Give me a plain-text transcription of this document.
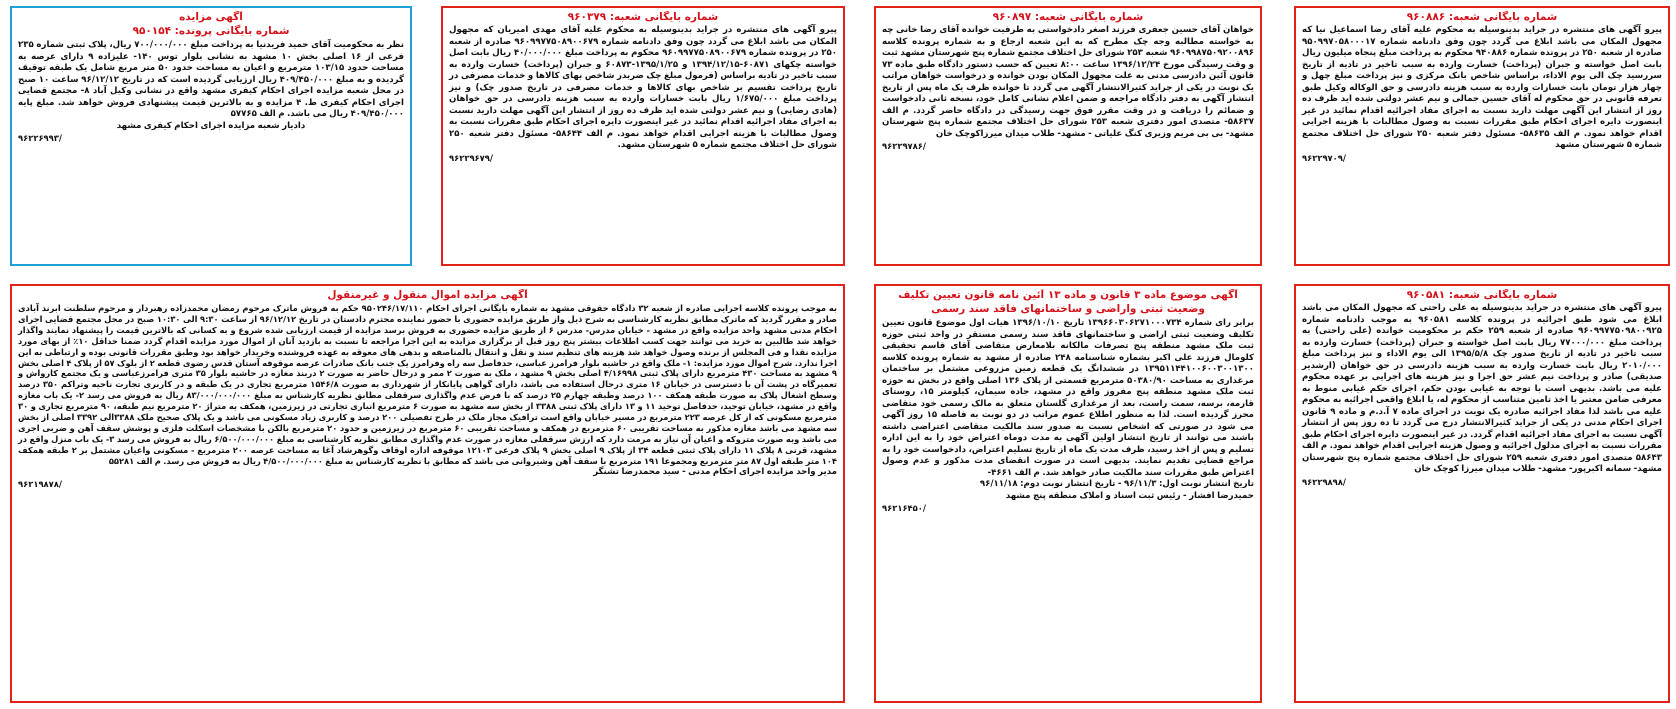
شماره بایگانی شعبه: ۹۶۰۸۸۶

پیرو آگهی های منتشره در جراید بدینوسیله به محکوم علیه آقای رضا اسماعیل نیا که مجهول المکان می باشد ابلاغ می گردد چون وفق دادنامه شماره ۹۵۰۹۹۷۰۵۸۰۰۰۱۷ صادره از شعبه ۲۵۰ در پرونده شماره ۹۴۰۸۸۶ محکوم به پرداخت مبلغ پنجاه میلیون ریال بابت اصل خواسته و جبران (پرداخت) خسارت وارده به سبب تاخیر در تادیه از تاریخ سررسید چک الی یوم الاداء، براساس شاخص بانک مرکزی و نیز پرداخت مبلغ چهل و چهار هزار تومان بابت خسارات وارده به سبب هزینه دادرسی و حق الوکاله وکیل طبق تعرفه قانونی در حق محکوم له آقای حسین جمالی و نیم عشر دولتی شده اید ظرف ده روز از انتشار این آگهی مهلت دارید نسبت به اجرای مفاد اجرائیه اقدام نمائید در غیر اینصورت دایره اجرای احکام طبق مقررات نسبت به وصول مطالبات با هزینه اجرایی اقدام خواهد نمود. م الف ۵۸۶۳۵- مسئول دفتر شعبه ۲۵۰ شورای حل اختلاف مجتمع شماره ۵ شهرستان مشهد

۹۶۲۲۹۷۰۹/
شماره بایگانی شعبه: ۹۶۰۸۹۷

خواهان آقای حسین جعفری فرزند اصغر دادخواستی به طرفیت خوانده آقای رضا خانی چه به خواسته مطالبه وجه چک مطرح که به این شعبه ارجاع و به شماره پرونده کلاسه ۹۶۰۹۹۸۷۵۰۹۲۰۰۸۹۶ شعبه ۲۵۳ شورای حل اختلاف مجتمع شماره پنج شهرستان مشهد ثبت و وقت رسیدگی مورخ ۱۳۹۶/۱۲/۲۴ ساعت ۸:۰۰ تعیین که حسب دستور دادگاه طبق ماده ۷۳ قانون آئین دادرسی مدنی به علت مجهول المکان بودن خوانده و درخواست خواهان مراتب یک نوبت در یکی از جراید کثیرالانتشار آگهی می گردد تا خوانده ظرف یک ماه پس از تاریخ انتشار آگهی به دفتر دادگاه مراجعه و ضمن اعلام نشانی کامل خود، نسخه ثانی دادخواست و ضمائم را دریافت و در وقت مقرر فوق جهت رسیدگی در دادگاه حاضر گردد. م الف ۵۸۶۳۷- متصدی امور دفتری شعبه ۲۵۳ شورای حل اختلاف مجتمع شماره پنج شهرستان مشهد- بی بی مریم وزیری کنگ علیاتی - مشهد- طلاب میدان میرزاکوچک خان

۹۶۲۲۹۷۸۶/
شماره بایگانی شعبه: ۹۶۰۳۷۹

پیرو آگهی های منتشره در جراید بدینوسیله به محکوم علیه آقای مهدی امیریان که مجهول المکان می باشد ابلاغ می گردد چون وفق دادنامه شماره ۹۶۰۹۹۷۷۵۰۸۹۰۰۶۷۹ صادره از شعبه ۲۵۰ در پرونده شماره ۹۶۰۹۹۷۷۵۰۸۹۰۰۶۷۹ محکوم به پرداخت مبلغ ۴۰/۰۰۰/۰۰۰ ریال بابت اصل خواسته چکهای ۶۰۸۷۱-۱۳۹۴/۱۲/۱۵ و ۱۳۹۵/۱/۲۵-۶۰۸۷۳ و جبران (پرداخت) خسارت وارده به سبب تاخیر در تادیه براساس (فرمول مبلغ چک ضربدر شاخص بهای کالاها و خدمات مصرفی در تاریخ پرداخت تقسیم بر شاخص بهای کالاها و خدمات مصرفی در تاریخ صدور چک) و نیز پرداخت مبلغ ۱/۶۷۵/۰۰۰ ریال بابت خسارات وارده به سبب هزینه دادرسی در حق خواهان (هادی رضایی) و نیم عشر دولتی شده اید ظرف ده روز از انتشار این آگهی مهلت دارید نسبت به اجرای مفاد اجرائیه اقدام نمائید در غیر اینصورت دایره اجرای احکام طبق مقررات نسبت به وصول مطالبات با هزینه اجرایی اقدام خواهد نمود. م الف ۵۸۶۴۴- مسئول دفتر شعبه ۲۵۰ شورای حل اختلاف مجتمع شماره ۵ شهرستان مشهد.

۹۶۲۲۹۶۷۹/
آگهی مزایده
شماره بایگانی پرونده: ۹۵۰۱۵۴

نظر به محکومیت آقای حمید فریدنیا به پرداخت مبلغ ۷۰۰/۰۰۰/۰۰۰ ریال، پلاک ثبتی شماره ۲۳۵ فرعی از ۱۶ اصلی بخش ۱۰ مشهد به نشانی بلوار توس ۱۴۰- علیزاده ۹ دارای عرصه به مساحت حدود ۱۰۳/۱۵ مترمربع و اعیان به مساحت حدود ۵۰ متر مربع شامل یک طبقه توقیف گردیده و به مبلغ ۴۰۹/۴۵۰/۰۰۰ ریال ارزیابی گردیده است که در تاریخ ۹۶/۱۲/۱۲ ساعت ۱۰ صبح در محل شعبه مزایده اجرای احکام کیفری مشهد واقع در نشانی وکیل آباد ۸- مجتمع قضایی اجرای احکام کیفری ط. ۴ مزایده و به بالاترین قیمت پیشنهادی فروش خواهد شد. مبلغ پایه ۴۰۹/۴۵۰/۰۰۰ ریال می باشد. م الف ۵۷۷۶۵

دادیار شعبه مزایده اجرای احکام کیفری مشهد

۹۶۲۲۶۹۹۳/
شماره بایگانی شعبه: ۹۶۰۵۸۱

پیرو آگهی های منتشره در جراید بدینوسیله به علی راحتی که مجهول المکان می باشد ابلاغ می شود طبق اجرائیه در پرونده کلاسه ۹۶۰۵۸۱ به موجب دادنامه شماره ۹۶۰۹۹۷۷۵۰۹۸۰۰۹۲۵ صادره از شعبه ۲۵۹ حکم بر محکومیت خوانده (علی راحتی) به پرداخت مبلغ ۷۷۰۰۰/۰۰۰ ریال بابت اصل خواسته و جبران (پرداخت) خسارت وارده به سبب تاخیر در تادیه از تاریخ صدور چک ۱۳۹۵/۵/۸ الی یوم الاداء و نیز پرداخت مبلغ ۲۰۱۰/۰۰۰ ریال بابت خسارت وارده به سبب هزینه دادرسی در حق خواهان (ارشدیر صدیقی) صادر و پرداخت نیم عشر حق اجرا و نیز هزینه های اجرایی بر عهده محکوم علیه می باشد. بدیهی است با توجه به غیابی بودن حکم، اجرای حکم غیابی منوط به معرفی ضامن معتبر یا اخذ تامین متناسب از محکوم له، یا ابلاغ واقعی اجرائیه به محکوم علیه می باشد لذا مفاد اجرائیه صادره یک نوبت در اجرای ماده ۷ آ.د.م و ماده ۹ قانون اجرای احکام مدنی در یکی از جراید کثیرالانتشار درج می گردد تا ده روز پس از انتشار آگهی نسبت به اجرای مفاد اجرائیه اقدام گردد. در غیر اینصورت دایره اجرای احکام طبق مقررات نسبت به اجرای مدلول اجرائیه و وصول هزینه اجرایی اقدام خواهد نمود. م الف ۵۸۶۴۳ متصدی امور دفتری شعبه ۲۵۹ شورای حل اختلاف مجتمع شماره پنج شهرستان مشهد- سمانه اکبرپور- مشهد- طلاب میدان میرزا کوچک خان

۹۶۲۲۹۸۹۸/
آگهی موضوع ماده ۳ قانون و ماده ۱۳ آئین نامه قانون تعیین تکلیف
وضعیت ثبتی واراضی و ساختمانهای فاقد سند رسمی

برابر رای شماره ۱۳۹۶۶۰۳۰۶۲۷۱۰۰۰۷۳۴ تاریخ ۱۳۹۶/۱۰/۱۰ هیات اول موضوع قانون تعیین تکلیف وضعیت ثبتی اراضی و ساختمانهای فاقد سند رسمی مستقر در واحد ثبتی حوزه ثبت ملک مشهد منطقه پنج تصرفات مالکانه بلامعارض متقاضی آقای قاسم تحقیقی کلومال فرزند علی اکبر بشماره شناسنامه ۲۴۸ صادره از مشهد به شماره پرونده کلاسه ۱۳۹۵۱۱۴۴۱۰۰۶۰۰۳۰۰۱۳۰۰ در ششدانگ یک قطعه زمین مزروعی مشتمل بر ساختمان مرغداری به مساحت ۵۰۳۸۰/۹۰ مترمربع قسمتی از پلاک ۱۳۶ اصلی واقع در بخش نه حوزه ثبت ملک مشهد منطقه پنج مفروز واقع در مشهد، جاده سیمان، کیلومتر ۱۵، روستای قارمه، برسه، سمت راست، بعد از مرغداری گلستان متعلق به مالک رسمی خود متقاضی محرز گردیده است. لذا به منظور اطلاع عموم مراتب در دو نوبت به فاصله ۱۵ روز آگهی می شود در صورتی که اشخاص نسبت به صدور سند مالکیت متقاضی اعتراضی داشته باشند می توانند از تاریخ انتشار اولین آگهی به مدت دوماه اعتراض خود را به این اداره تسلیم و پس از اخذ رسید، ظرف مدت یک ماه از تاریخ تسلیم اعتراض، دادخواست خود را به مراجع قضایی تقدیم نمایند. بدیهی است در صورت انقضای مدت مذکور و عدم وصول اعتراض طبق مقررات سند مالکیت صادر خواهد شد. م الف ۴۶۶۱-

تاریخ انتشار نوبت اول: ۹۶/۱۱/۳ - تاریخ انتشار نوبت دوم: ۹۶/۱۱/۱۸

حمیدرضا افشار - رئیس ثبت اسناد و املاک منطقه پنج مشهد

۹۶۲۱۶۴۵۰/
آگهی مزایده اموال منقول و غیرمنقول

به موجب پرونده کلاسه اجرایی صادره از شعبه ۳۲ دادگاه حقوقی مشهد به شماره بایگانی اجرای احکام ۹۵۰۲۴۶/۱۷/۱۱۰ حکم به فروش ماترک مرحوم رمضان محمدزاده رهبردار و مرحوم سلطنت ابرند آبادی صادر و مقرر گردید که ماترک مطابق نظریه کارشناسی به شرح ذیل واز طریق مزایده حضوری با حضور نماینده محترم دادستان در تاریخ ۹۶/۱۲/۱۲ از ساعت ۹:۳۰ الی ۱۰:۳۰ صبح در محل مجتمع قضایی اجرای احکام مدنی مشهد واحد مزایده واقع در مشهد - خیابان مدرس- مدرس ۶ از طریق مزایده حضوری به فروش برسد مزایده از قیمت ارزیابی شده شروع و به کسانی که بالاترین قیمت را پیشنهاد نمایند واگذار خواهد شد طالبین به خرید می توانند جهت کسب اطلاعات بیشتر پنج روز قبل از برگزاری مزایده به این اجرا مراجعه تا نسبت به بازدید آنان از اموال مورد مزایده اقدام گردد ضمنا حداقل ۱۰٪ از بهای مورد مزایده نقدا و فی المجلس از برنده وصول خواهد شد هزینه های تنظیم سند و نقل و انتقال بالمناصفه و بدهی های معوقه به عهده فروشنده وخریدار خواهد بود وطبق مقررات قانونی بوده و ارتباطی به این اجرا ندارد. شرح اموال مورد مزایده: ۱- ملک واقع در حاشیه بلوار فرامرز عباسی، حدفاصل سه راه وفرامرز یک جنب بانک صادرات عرصه موقوفه آستان قدس رضوی قطعه ۲ از بلوک ۵۷ از پلاک ۴ اصلی بخش ۹ مشهد به مساحت ۴۳۰ مترمربع دارای پلاک ثبتی ۴/۱۶۹۹۸ اصلی بخش ۹ مشهد ، ملک به صورت ۲ ممر و درحال حاضر به صورت ۲ دربند مغازه در حاشیه بلوار ۳۵ متری فرامرزعباسی و یک مجتمع کارواش و تعمیرگاه در پشت آن با دسترسی در خیابان ۱۶ متری درحال استفاده می باشد، دارای گواهی پایانکار از شهرداری به صورت ۱۵۴۶/۸ مترمربع تجاری در یک طبقه و در کاربری تجارت ناحیه وتراکم ۳۵۰ درصد وسطح اشغال پلاک به صورت طبقه همکف ۱۰۰ درصد وطبقه چهارم ۲۵ درصد که با فرض عدم واگذاری سرقفلی مطابق نظریه کارشناس به مبلغ ۸۳/۰۰۰/۰۰۰/۰۰۰ ریال به فروش می رسد ۲- یک باب مغازه واقع در مشهد، خیابان توحید، حدفاصل توحید ۱۱ و ۱۳ دارای پلاک ثبتی ۳۳۸۸ از بخش سه مشهد به صورت ۶ مترمربع انباری تجارتی در زیرزمین، همکف به متراژ ۲۰ مترمربع نیم طبقه، ۹۰ مترمربع تجاری و ۳۰ مترمربع مسکونی که از کل عرصه ۲۲۳ مترمربع در مسیر خیابان واقع است ترافیک مجاز ملک در طرح تفصیلی ۲۰۰ درصد و کاربری زیاد مسکونی می باشد و یک پلاک صحیح ملک ۳۳۸۸الی ۳۳۹۲ اصلی از بخش سه مشهد می باشد مغازه مذکور به مساحت تقریبی ۶۰ مترمربع در همکف و مساحت تقریبی ۶۰ مترمربع در زیرزمین و حدود ۲۰ مترمربع بالکن با مشخصات اسکلت فلزی و پوشش سقف آهن و ضربی اجری می باشد وبه صورت متروکه و اعیان آن نیاز به مرمت دارد که ارزش سرقفلی مغازه در صورت عدم واگذاری مطابق نظریه کارشناسی به مبلغ ۶/۵۰۰/۰۰۰/۰۰۰ ریال به فروش می رسد ۳- یک باب منزل واقع در مشهد، قرنی ۸ پلاک ۱۱ دارای پلاک ثبتی قطعه ۳۴ از پلاک ۹ اصلی بخش ۹ پلاک فرعی ۱۲۱۰۳ موقوفه اداره اوقاف وگوهرشاد آغا به مساحت عرصه ۲۰۰ مترمربع - مسکونی واعیان مشتمل بر ۲ طبقه همکف ۱۰۴ متر طبقه اول ۸۷ متر مترمربع ومجموعا ۱۹۱ مترمربع با سقف آهن وشیروانی می باشد که مطابق با نظریه کارشناس به مبلغ ۴/۵۰۰/۰۰۰/۰۰۰ ریال به فروش می رسد. م الف ۵۵۲۸۱

مدیر واحد مزایده اجرای احکام مدنی - سید محمدرضا تشنگر

۹۶۲۱۹۸۷۸/
